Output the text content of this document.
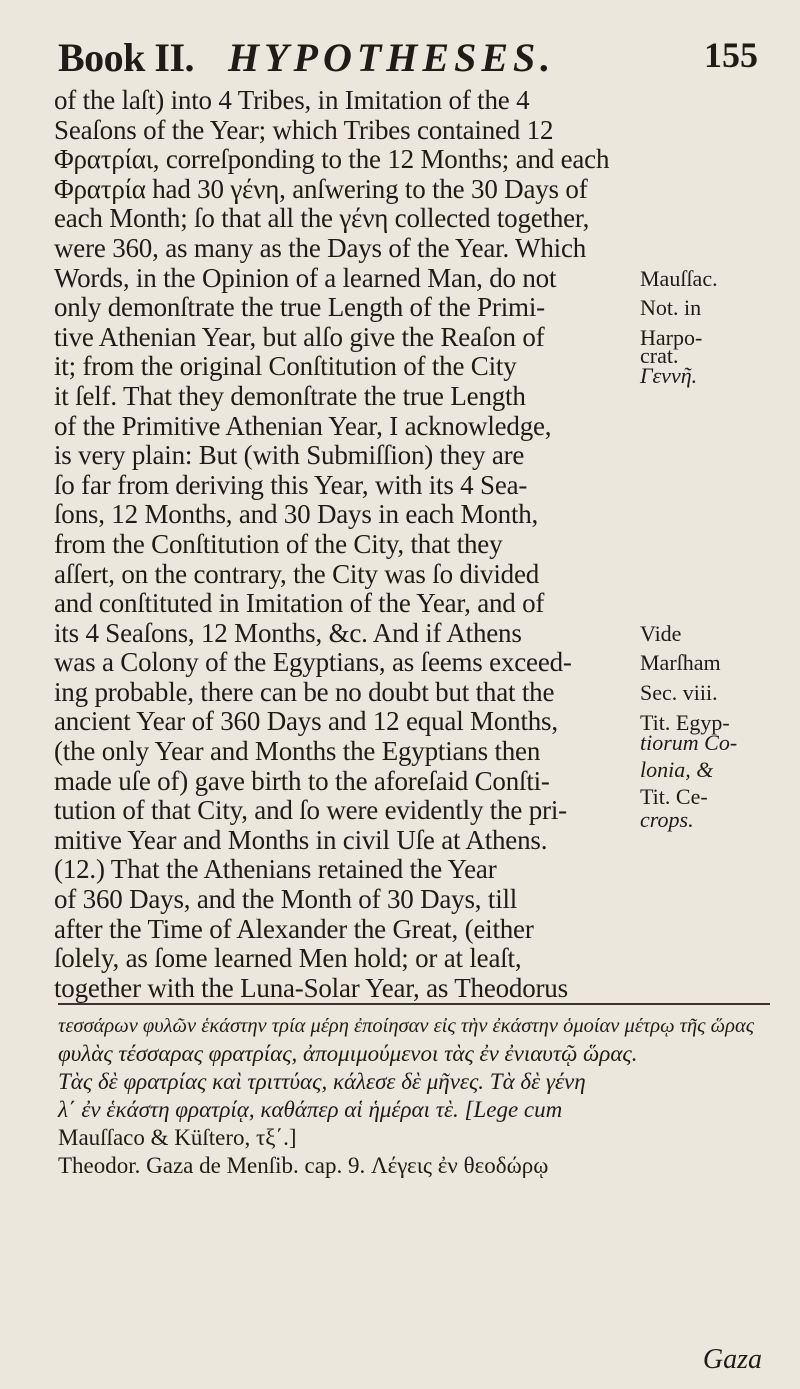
Book II. HYPOTHESES.	155
of the laſt) into 4 Tribes, in Imitation of the 4
Seaſons of the Year; which Tribes contained 12
Φρατρίαι, correſponding to the 12 Months; and each
Φρατρία had 30 γένη, anſwering to the 30 Days of
each Month; ſo that all the γένη collected together,
were 360, as many as the Days of the Year. Which
Words, in the Opinion of a learned Man, do not
only demonſtrate the true Length of the Primi-
tive Athenian Year, but alſo give the Reaſon of
it; from the original Conſtitution of the City
it ſelf. That they demonſtrate the true Length
of the Primitive Athenian Year, I acknowledge,
is very plain: But (with Submiſſion) they are
ſo far from deriving this Year, with its 4 Sea-
ſons, 12 Months, and 30 Days in each Month,
from the Conſtitution of the City, that they
aſſert, on the contrary, the City was ſo divided
and conſtituted in Imitation of the Year, and of
its 4 Seaſons, 12 Months, &c. And if Athens
was a Colony of the Egyptians, as ſeems exceed-
ing probable, there can be no doubt but that the
ancient Year of 360 Days and 12 equal Months,
(the only Year and Months the Egyptians then
made uſe of) gave birth to the aforeſaid Conſti-
tution of that City, and ſo were evidently the pri-
mitive Year and Months in civil Uſe at Athens.
(12.) That the Athenians retained the Year
of 360 Days, and the Month of 30 Days, till
after the Time of Alexander the Great, (either
ſolely, as ſome learned Men hold; or at leaſt,
together with the Luna-Solar Year, as Theodorus
Mauſſac.
Not. in
Harpo-
crat.
Γεννῆ.
Vide
Marſham
Sec. viii.
Tit. Egyp-
tiorum Co-
lonia, &
Tit. Ce-
crops.
τεσσάρων φυλῶν ἑκάστην τρία μέρη ἐποίησαν εἰς τὴν ἐκάστην ὁμοίαν μέτρῳ τῆς ὥρας
φυλὰς τέσσαρας φρατρίας, ἀπομιμούμενοι τὰς ἐν ἐνιαυτῷ ὥρας.
Τὰς δὲ φρατρίας καὶ τριττύας, κάλεσε δὲ μῆνες. Τὰ δὲ γένη
λ΄ ἐν ἑκάστη φρατρίᾳ, καθάπερ αἱ ἡμέραι τὲ. [Lege cum
Mauſſaco & Küſtero, τξ΄.]
Theodor. Gaza de Menſib. cap. 9. Λέγεις ἐν θεοδώρῳ
Gaza
